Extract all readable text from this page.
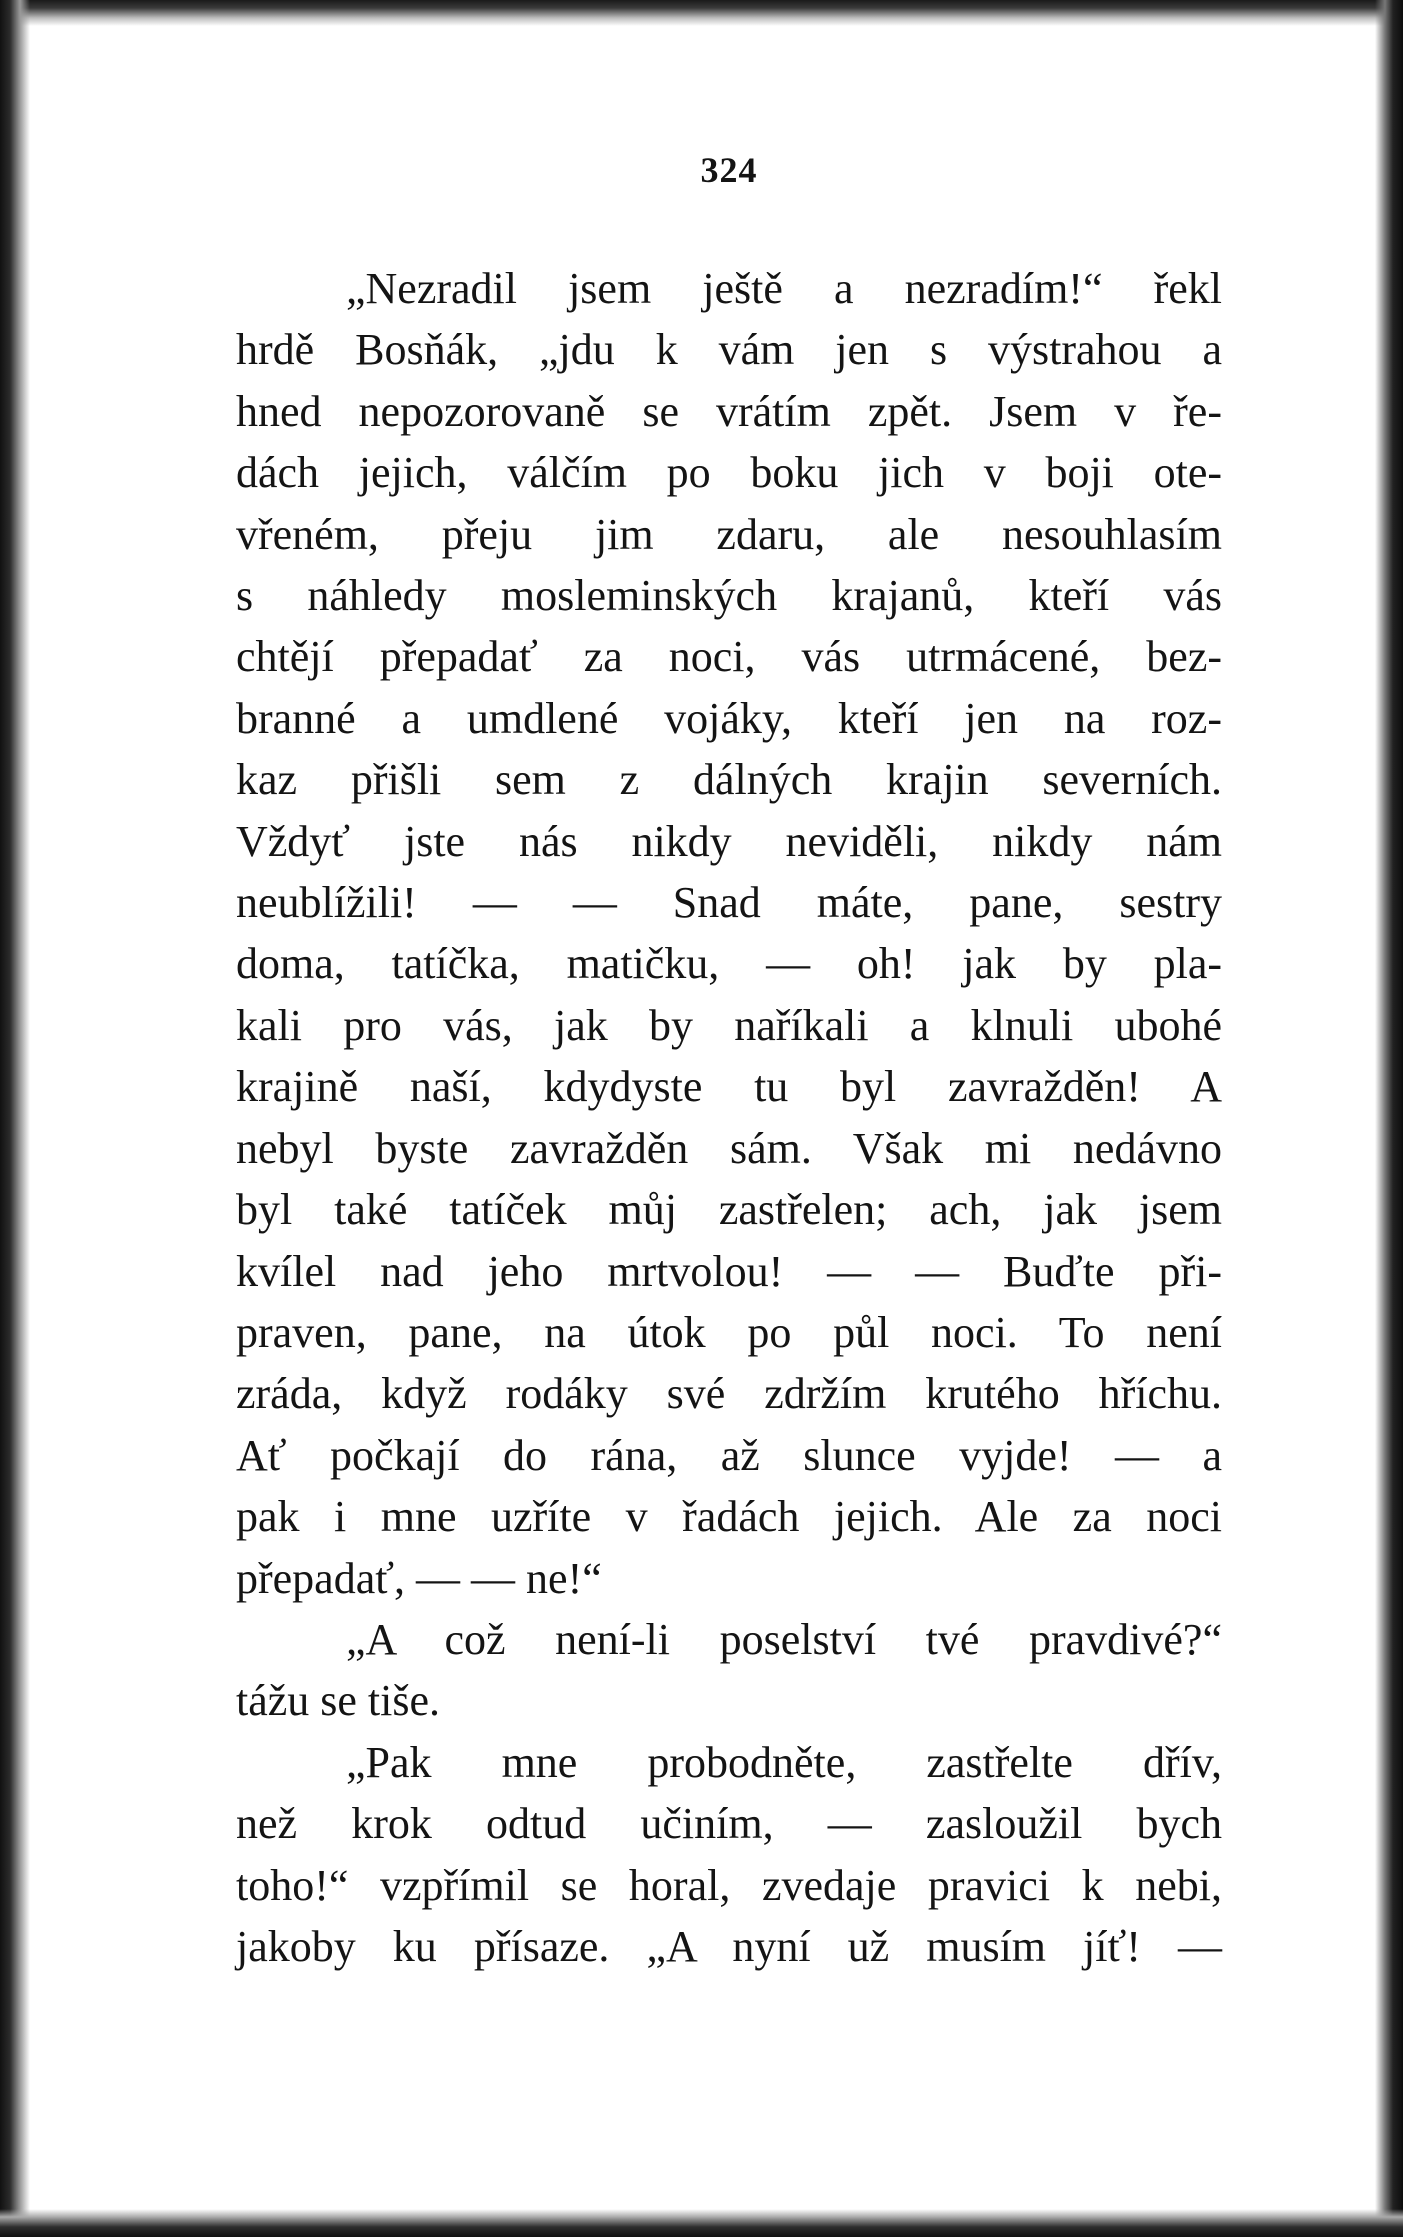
324
„Nezradil jsem ještě a nezradím!“ řekl
hrdě Bosňák, „jdu k vám jen s výstrahou a
hned nepozorovaně se vrátím zpět. Jsem v ře-
dách jejich, válčím po boku jich v boji ote-
vřeném, přeju jim zdaru, ale nesouhlasím
s náhledy mosleminských krajanů, kteří vás
chtějí přepadať za noci, vás utrmácené, bez-
branné a umdlené vojáky, kteří jen na roz-
kaz přišli sem z dálných krajin severních.
Vždyť jste nás nikdy neviděli, nikdy nám
neublížili! — — Snad máte, pane, sestry
doma, tatíčka, matičku, — oh! jak by pla-
kali pro vás, jak by naříkali a klnuli ubohé
krajině naší, kdydyste tu byl zavražděn! A
nebyl byste zavražděn sám. Však mi nedávno
byl také tatíček můj zastřelen; ach, jak jsem
kvílel nad jeho mrtvolou! — — Buďte při-
praven, pane, na útok po půl noci. To není
zráda, když rodáky své zdržím krutého hříchu.
Ať počkají do rána, až slunce vyjde! — a
pak i mne uzříte v řadách jejich. Ale za noci
přepadať, — — ne!“
„A což není-li poselství tvé pravdivé?“
tážu se tiše.
„Pak mne probodněte, zastřelte dřív,
než krok odtud učiním, — zasloužil bych
toho!“ vzpřímil se horal, zvedaje pravici k nebi,
jakoby ku přísaze. „A nyní už musím jíť! —
